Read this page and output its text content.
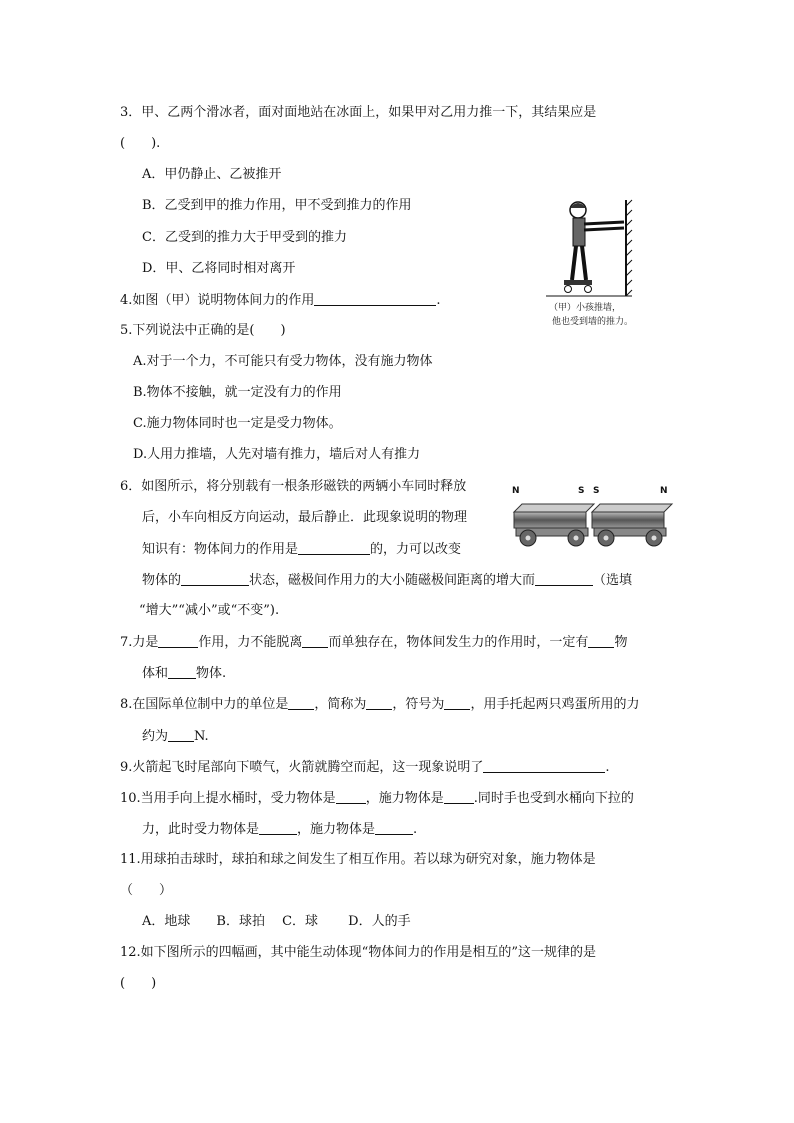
3．甲、乙两个滑冰者，面对面地站在冰面上，如果甲对乙用力推一下，其结果应是
(　　).
A．甲仍静止、乙被推开
B．乙受到甲的推力作用，甲不受到推力的作用
C．乙受到的推力大于甲受到的推力
D．甲、乙将同时相对离开
（甲）小孩推墙，
他也受到墙的推力。
4.如图（甲）说明物体间力的作用	.
5.下列说法中正确的是(　　)
A.对于一个力，不可能只有受力物体，没有施力物体
B.物体不接触，就一定没有力的作用
C.施力物体同时也一定是受力物体。
D.人用力推墙，人先对墙有推力，墙后对人有推力
6．如图所示，将分别载有一根条形磁铁的两辆小车同时释放
后，小车向相反方向运动，最后静止．此现象说明的物理
知识有：物体间力的作用是	的，力可以改变
物体的	状态，磁极间作用力的大小随磁极间距离的增大而	（选填
“增大”“减小”或“不变”).
N	S S	N
7.力是	作用，力不能脱离 而单独存在，物体间发生力的作用时，一定有 物
体和 物体.
8.在国际单位制中力的单位是 ，简称为 ，符号为 ，用手托起两只鸡蛋所用的力
约为 N.
9.火箭起飞时尾部向下喷气，火箭就腾空而起，这一现象说明了	.
10.当用手向上提水桶时，受力物体是 ，施力物体是 .同时手也受到水桶向下拉的
力，此时受力物体是	，施力物体是	.
11.用球拍击球时，球拍和球之间发生了相互作用。若以球为研究对象，施力物体是
（　　）
A．地球　　B．球拍　 C．球　　 D．人的手
12.如下图所示的四幅画，其中能生动体现“物体间力的作用是相互的”这一规律的是
(　　)
